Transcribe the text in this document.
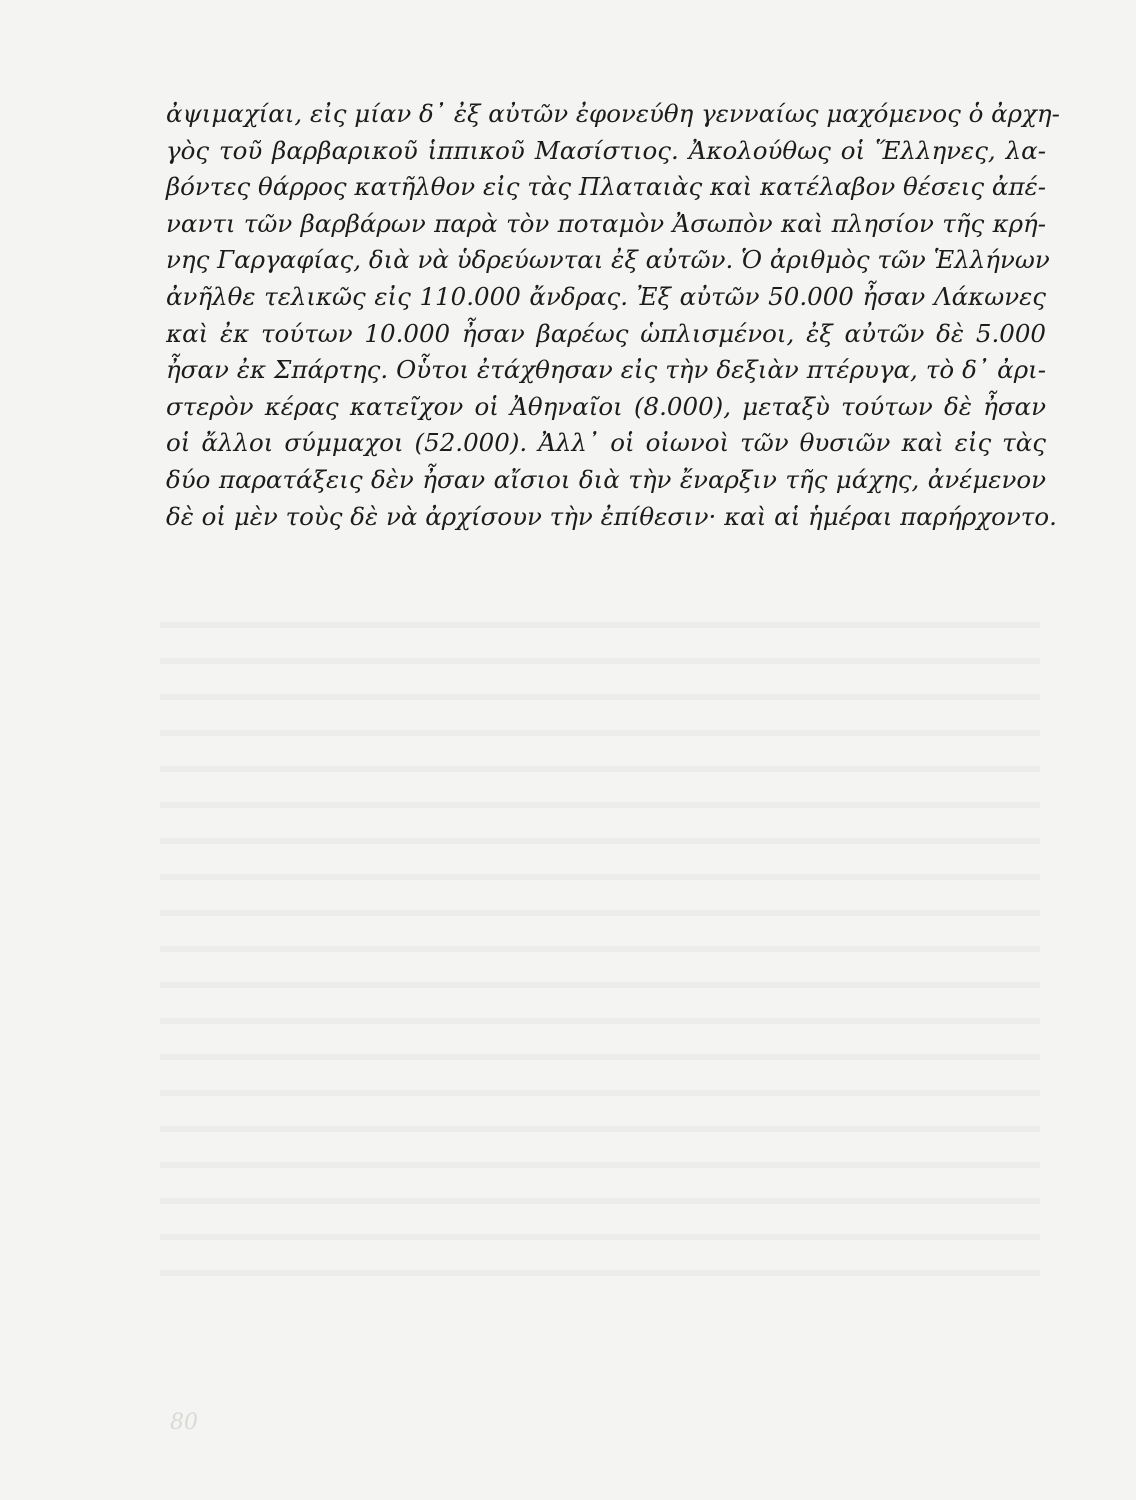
ἀψιμαχίαι, εἰς μίαν δ᾽ ἐξ αὐτῶν ἐφονεύθη γενναίως μαχόμενος ὁ ἀρχη-
γὸς τοῦ βαρβαρικοῦ ἱππικοῦ Μασίστιος. Ἀκολούθως οἱ Ἕλληνες, λα-
βόντες θάρρος κατῆλθον εἰς τὰς Πλαταιὰς καὶ κατέλαβον θέσεις ἀπέ-
ναντι τῶν βαρβάρων παρὰ τὸν ποταμὸν Ἀσωπὸν καὶ πλησίον τῆς κρή-
νης Γαργαφίας, διὰ νὰ ὑδρεύωνται ἐξ αὐτῶν. Ὁ ἀριθμὸς τῶν Ἑλλήνων
ἀνῆλθε τελικῶς εἰς 110.000 ἄνδρας. Ἐξ αὐτῶν 50.000 ἦσαν Λάκωνες
καὶ ἐκ τούτων 10.000 ἦσαν βαρέως ὡπλισμένοι, ἐξ αὐτῶν δὲ 5.000
ἦσαν ἐκ Σπάρτης. Οὗτοι ἐτάχθησαν εἰς τὴν δεξιὰν πτέρυγα, τὸ δ᾽ ἀρι-
στερὸν κέρας κατεῖχον οἱ Ἀθηναῖοι (8.000), μεταξὺ τούτων δὲ ἦσαν
οἱ ἄλλοι σύμμαχοι (52.000). Ἀλλ᾽ οἱ οἰωνοὶ τῶν θυσιῶν καὶ εἰς τὰς
δύο παρατάξεις δὲν ἦσαν αἴσιοι διὰ τὴν ἔναρξιν τῆς μάχης, ἀνέμενον
δὲ οἱ μὲν τοὺς δὲ νὰ ἀρχίσουν τὴν ἐπίθεσιν· καὶ αἱ ἡμέραι παρήρχοντο.
80
